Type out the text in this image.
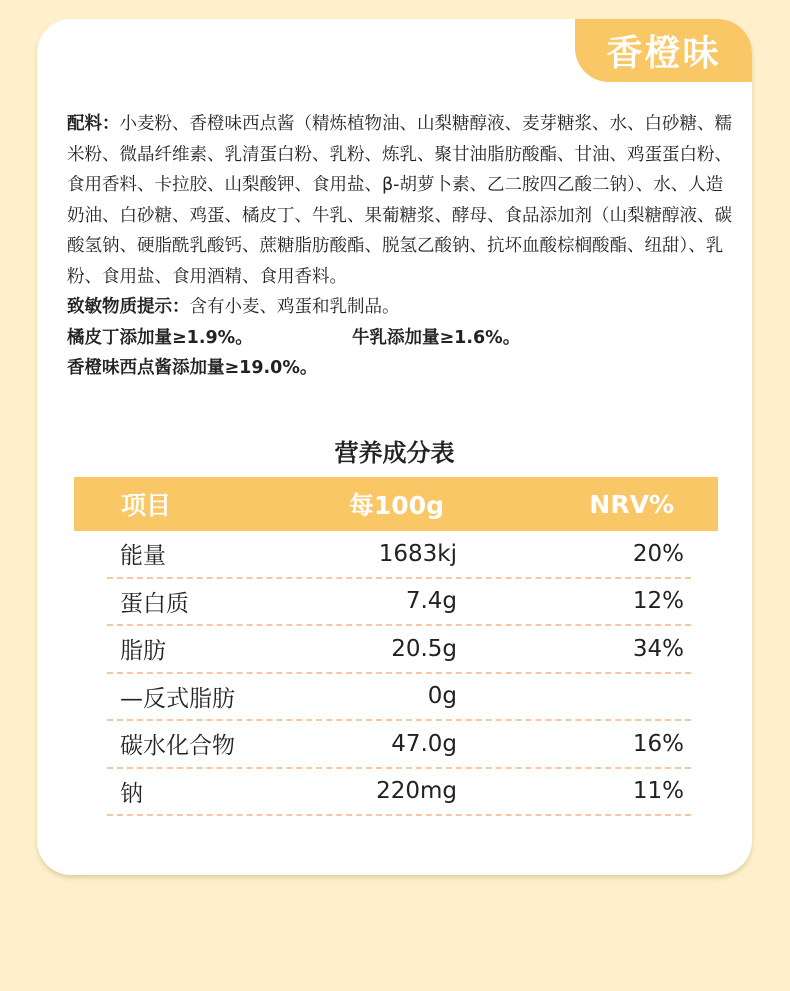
香橙味

配料：小麦粉、香橙味西点酱（精炼植物油、山梨糖醇液、麦芽糖浆、水、白砂糖、糯米粉、微晶纤维素、乳清蛋白粉、乳粉、炼乳、聚甘油脂肪酸酯、甘油、鸡蛋蛋白粉、食用香料、卡拉胶、山梨酸钾、食用盐、β-胡萝卜素、乙二胺四乙酸二钠）、水、人造奶油、白砂糖、鸡蛋、橘皮丁、牛乳、果葡糖浆、酵母、食品添加剂（山梨糖醇液、碳酸氢钠、硬脂酰乳酸钙、蔗糖脂肪酸酯、脱氢乙酸钠、抗坏血酸棕榈酸酯、纽甜）、乳粉、食用盐、食用酒精、食用香料。

致敏物质提示：含有小麦、鸡蛋和乳制品。

橘皮丁添加量≥1.9%。	牛乳添加量≥1.6%。

香橙味西点酱添加量≥19.0%。

营养成分表
项目	每100g	NRV%
能量	1683kj	20%
蛋白质	7.4g	12%
脂肪	20.5g	34%
—反式脂肪	0g
碳水化合物	47.0g	16%
钠	220mg	11%
